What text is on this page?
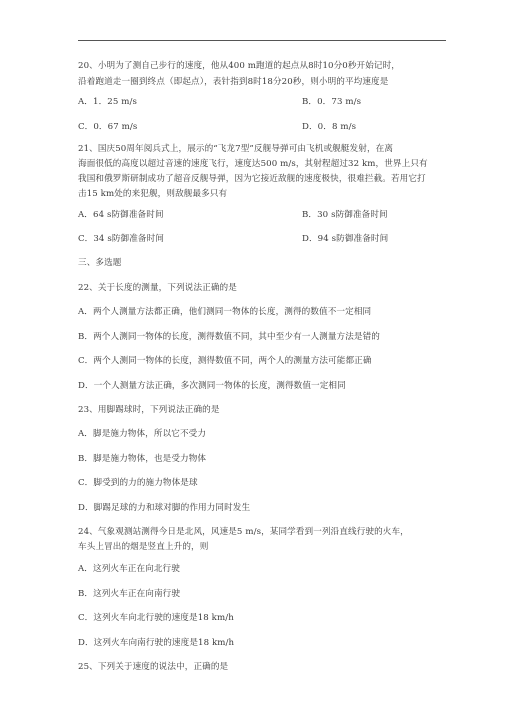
20、小明为了测自己步行的速度，他从400 m跑道的起点从8时10分0秒开始记时，
沿着跑道走一圈到终点（即起点），表针指到8时18分20秒，则小明的平均速度是
A．1．25 m/s	B．0．73 m/s
C．0．67 m/s	D．0．8 m/s
21、国庆50周年阅兵式上，展示的“飞龙7型”反舰导弹可由飞机或舰艇发射，在离
海面很低的高度以超过音速的速度飞行，速度达500 m/s，其射程超过32 km，世界上只有
我国和俄罗斯研制成功了超音反舰导弹，因为它接近敌舰的速度极快，很难拦截。若用它打
击15 km处的来犯舰，则敌舰最多只有
A．64 s防御准备时间	B．30 s防御准备时间
C．34 s防御准备时间	D．94 s防御准备时间
三、多选题
22、关于长度的测量，下列说法正确的是
A．两个人测量方法都正确，他们测同一物体的长度，测得的数值不一定相同
B．两个人测同一物体的长度，测得数值不同，其中至少有一人测量方法是错的
C．两个人测同一物体的长度，测得数值不同，两个人的测量方法可能都正确
D．一个人测量方法正确，多次测同一物体的长度，测得数值一定相同
23、用脚踢球时，下列说法正确的是
A．脚是施力物体，所以它不受力
B．脚是施力物体，也是受力物体
C．脚受到的力的施力物体是球
D．脚踢足球的力和球对脚的作用力同时发生
24、气象观测站测得今日是北风，风速是5 m/s，某同学看到一列沿直线行驶的火车，
车头上冒出的烟是竖直上升的，则
A．这列火车正在向北行驶
B．这列火车正在向南行驶
C．这列火车向北行驶的速度是18 km/h
D．这列火车向南行驶的速度是18 km/h
25、下列关于速度的说法中，正确的是
